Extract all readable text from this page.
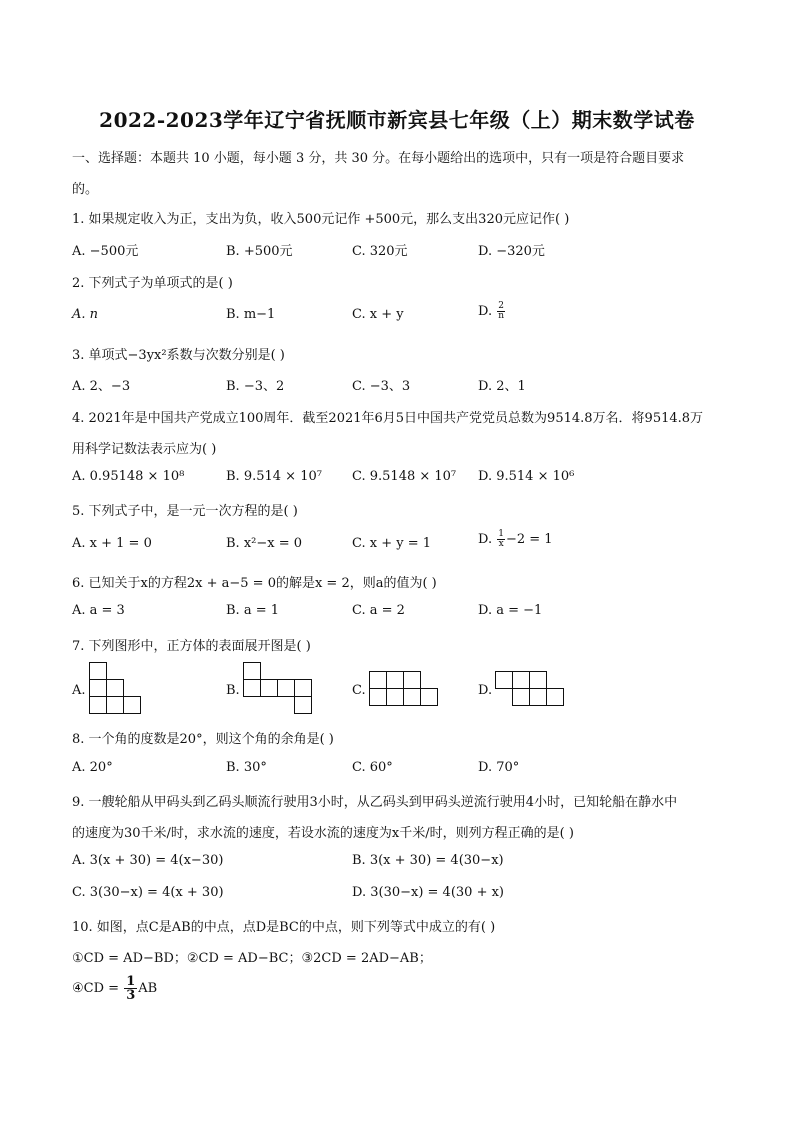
2022-2023学年辽宁省抚顺市新宾县七年级（上）期末数学试卷
一、选择题：本题共 10 小题，每小题 3 分，共 30 分。在每小题给出的选项中，只有一项是符合题目要求
的。
1. 如果规定收入为正，支出为负，收入500元记作 +500元，那么支出320元应记作( )
A. −500元	B. +500元	C. 320元	D. −320元
2. 下列式子为单项式的是( )
A. n	B. m−1	C. x + y	D. $\frac{2}{n}$
3. 单项式−3yx²系数与次数分别是( )
A. 2、−3	B. −3、2	C. −3、3	D. 2、1
4. 2021年是中国共产党成立100周年．截至2021年6月5日中国共产党党员总数为9514.8万名．将9514.8万
用科学记数法表示应为( )
A. 0.95148 × 10⁸	B. 9.514 × 10⁷ C. 9.5148 × 10⁷ D. 9.514 × 10⁶
5. 下列式子中，是一元一次方程的是( )
A. x + 1 = 0	B. x²−x = 0	C. x + y = 1	D. $\frac{1}{x} -2 = 1$
6. 已知关于x的方程2x + a−5 = 0的解是x = 2，则a的值为( )
A. a = 3	B. a = 1	C. a = 2	D. a = −1
7. 下列图形中，正方体的表面展开图是( )
A.	B.	C.	D.
8. 一个角的度数是20°，则这个角的余角是( )
A. 20°	B. 30°	C. 60°	D. 70°
9. 一艘轮船从甲码头到乙码头顺流行驶用3小时，从乙码头到甲码头逆流行驶用4小时，已知轮船在静水中
的速度为30千米/时，求水流的速度，若设水流的速度为x千米/时，则列方程正确的是( )
A. 3(x + 30) = 4(x−30)	B. 3(x + 30) = 4(30−x)
C. 3(30−x) = 4(x + 30)	D. 3(30−x) = 4(30 + x)
10. 如图，点C是AB的中点，点D是BC的中点，则下列等式中成立的有( )
①CD = AD−BD；②CD = AD−BC；③2CD = 2AD−AB；
④CD = $\frac{1}{3}$ AB
